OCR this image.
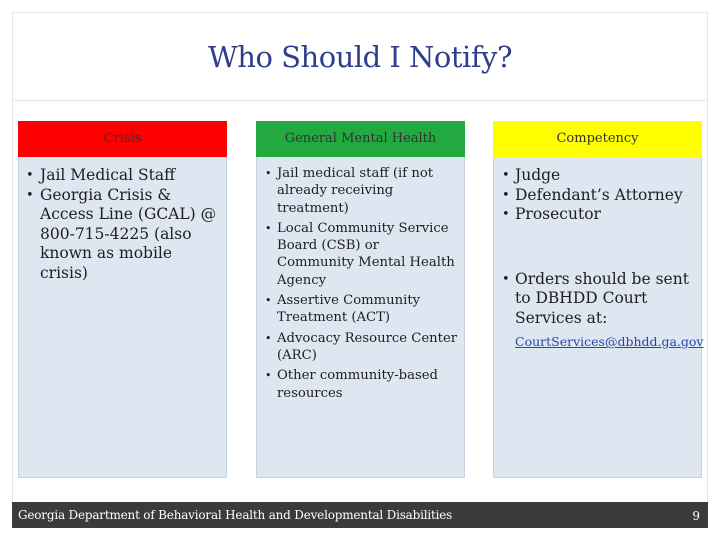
Who Should I Notify?
Crisis
• Jail Medical Staff
• Georgia Crisis & Access Line (GCAL) @ 800-715-4225 (also known as mobile crisis)
General Mental Health
• Jail medical staff (if not already receiving treatment)
• Local Community Service Board (CSB) or Community Mental Health Agency
• Assertive Community Treatment (ACT)
• Advocacy Resource Center (ARC)
• Other community-based resources
Competency
• Judge
• Defendant’s Attorney
• Prosecutor
• Orders should be sent to DBHDD Court Services at:
CourtServices@dbhdd.ga.gov
Georgia Department of Behavioral Health and Developmental Disabilities	9
